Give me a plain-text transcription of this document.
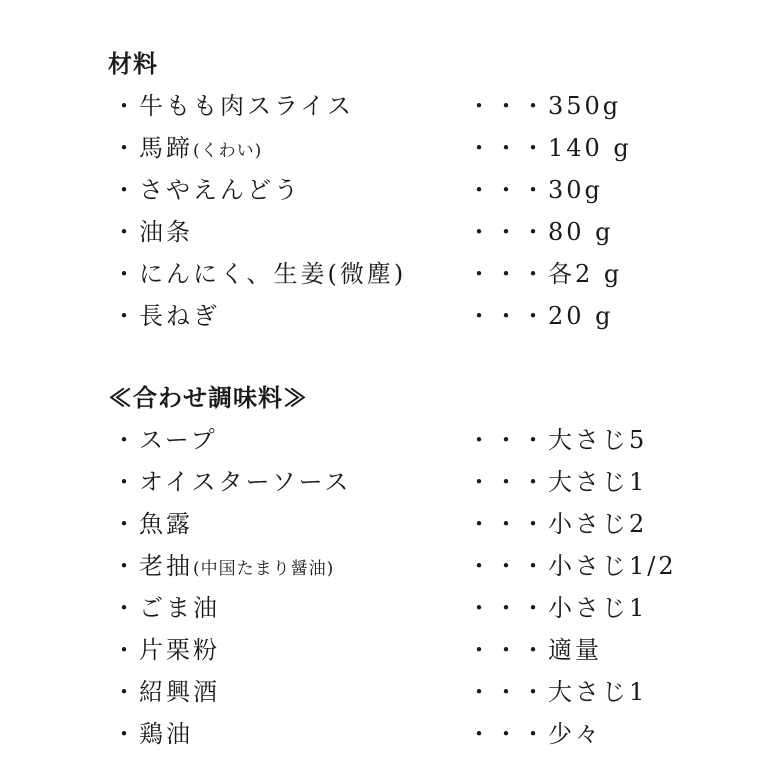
材料
・牛もも肉スライス	・・・350g
・馬蹄(くわい)	・・・140 g
・さやえんどう	・・・30g
・油条	・・・80 g
・にんにく、生姜(微塵)	・・・各2 g
・長ねぎ	・・・20 g
≪合わせ調味料≫
・スープ	・・・大さじ5
・オイスターソース	・・・大さじ1
・魚露	・・・小さじ2
・老抽(中国たまり醤油)	・・・小さじ1/2
・ごま油	・・・小さじ1
・片栗粉	・・・適量
・紹興酒	・・・大さじ1
・鶏油	・・・少々
